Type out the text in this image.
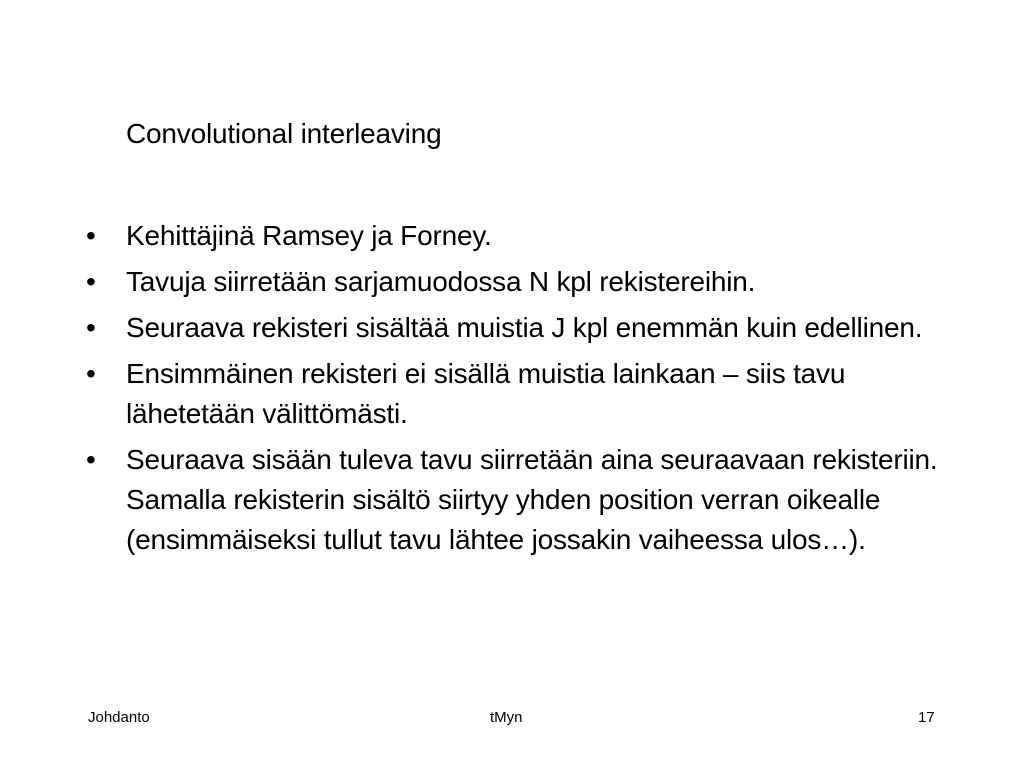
Convolutional interleaving
•	Kehittäjinä Ramsey ja Forney.
•	Tavuja siirretään sarjamuodossa N kpl rekistereihin.
•	Seuraava rekisteri sisältää muistia J kpl enemmän kuin edellinen.
•	Ensimmäinen rekisteri ei sisällä muistia lainkaan – siis tavu lähetetään välittömästi.
•	Seuraava sisään tuleva tavu siirretään aina seuraavaan rekisteriin. Samalla rekisterin sisältö siirtyy yhden position verran oikealle (ensimmäiseksi tullut tavu lähtee jossakin vaiheessa ulos…).
Johdanto	tMyn	17
